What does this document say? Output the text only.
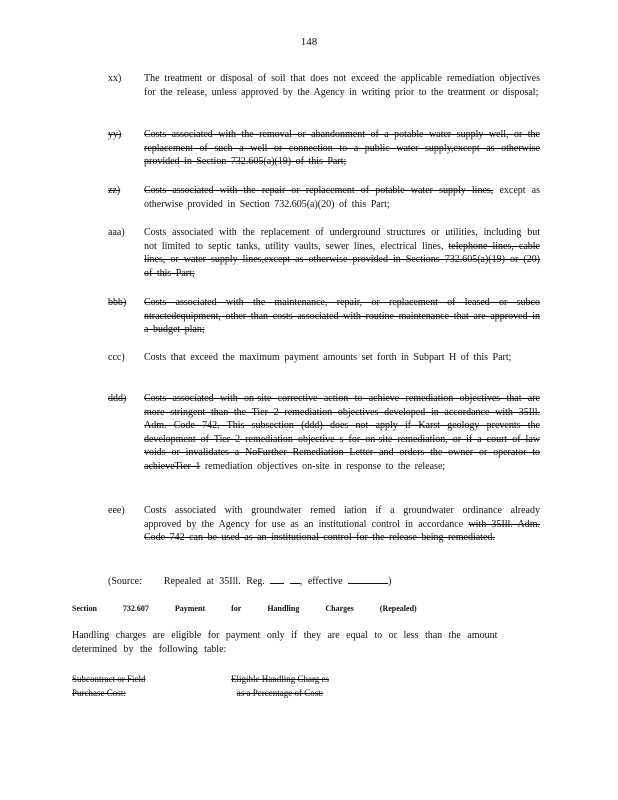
148
xx)	The treatment or disposal of soil that does not exceed the applicable remediation objectives for the release, unless approved by the Agency in writing prior to the treatment or disposal;
yy)	Costs associated with the removal or abandonment of a potable water supply well, or the replacement of such a well or connection to a public water supply,except as otherwise provided in Section 732.605(a)(19) of this Part;
zz)	Costs associated with the repair or replacement of potable water supply lines, except as otherwise provided in Section 732.605(a)(20) of this Part;
aaa)	Costs associated with the replacement of underground structures or utilities, including but not limited to septic tanks, utility vaults, sewer lines, electrical lines, telephone lines, cable lines, or water supply lines,except as otherwise provided in Sections 732.605(a)(19) or (20) of this Part;
bbb)	Costs associated with the maintenance, repair, or replacement of leased or subco ntractedequipment, other than costs associated with routine maintenance that are approved in a budget plan;
ccc)	Costs that exceed the maximum payment amounts set forth in Subpart H of this Part;
ddd)	Costs associated with on-site corrective action to achieve remediation objectives that are more stringent than the Tier 2 remediation objectives developed in accordance with 35Ill. Adm. Code 742. This subsection (ddd) does not apply if Karst geology prevents the development of Tier 2 remediation objective s for on-site remediation, or if a court of law voids or invalidates a NoFurther Remediation Letter and orders the owner or operator to achieveTier 1 remediation objectives on-site in response to the release;
eee)	Costs associated with groundwater remed iation if a groundwater ordinance already approved by the Agency for use as an institutional control in accordance with 35Ill. Adm. Code 742 can be used as an institutional control for the release being remediated.
(Source: Repealed at 35Ill. Reg.	, effective	)
Section	732.607	Payment	for	Handling	Charges	(Repealed)
Handling charges are eligible for payment only if they are equal to or less than the amount determined by the following table:
Subcontract or Field	Eligible Handling Charg es
Purchase Cost:	as a Percentage of Cost:
